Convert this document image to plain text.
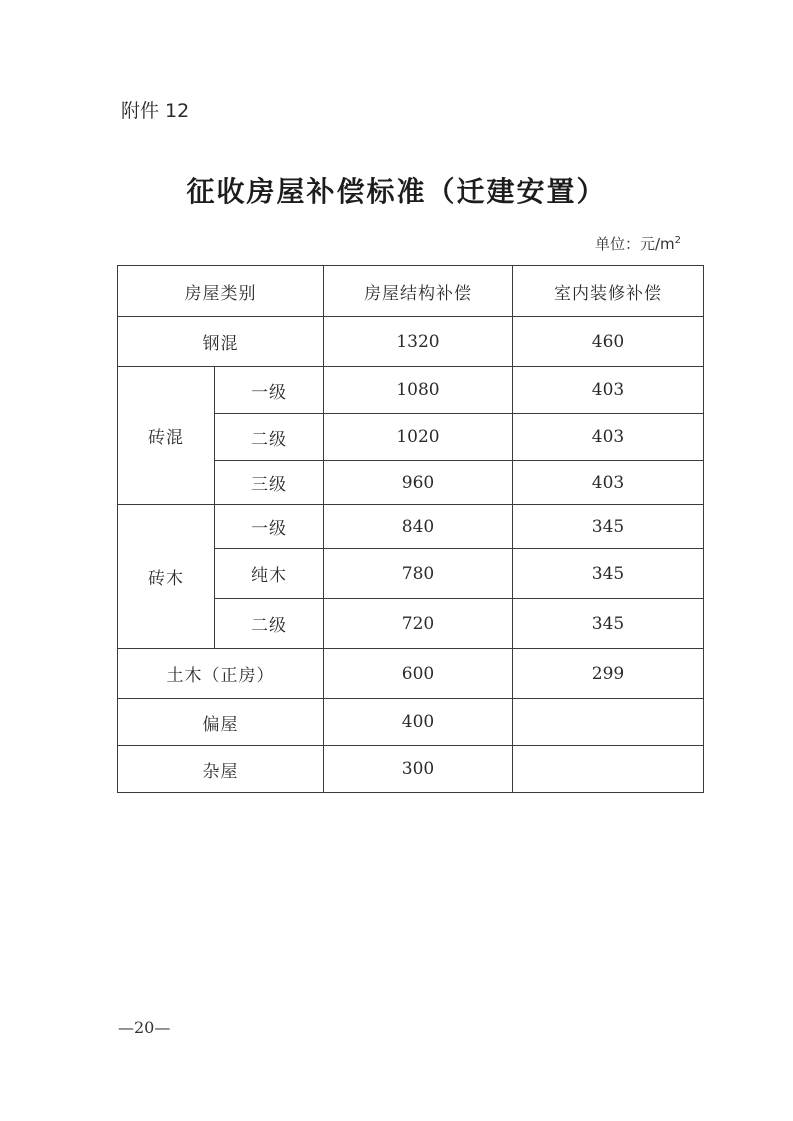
附件 12
征收房屋补偿标准（迁建安置）
单位：元$/m^2$
房屋类别		房屋结构补偿	室内装修补偿
钢混		1320	460
砖混	一级	1080	403
	二级	1020	403
	三级	960	403
砖木	一级	840	345
	纯木	780	345
	二级	720	345
土木（正房）		600	299
偏屋		400	
杂屋		300	
—20—
